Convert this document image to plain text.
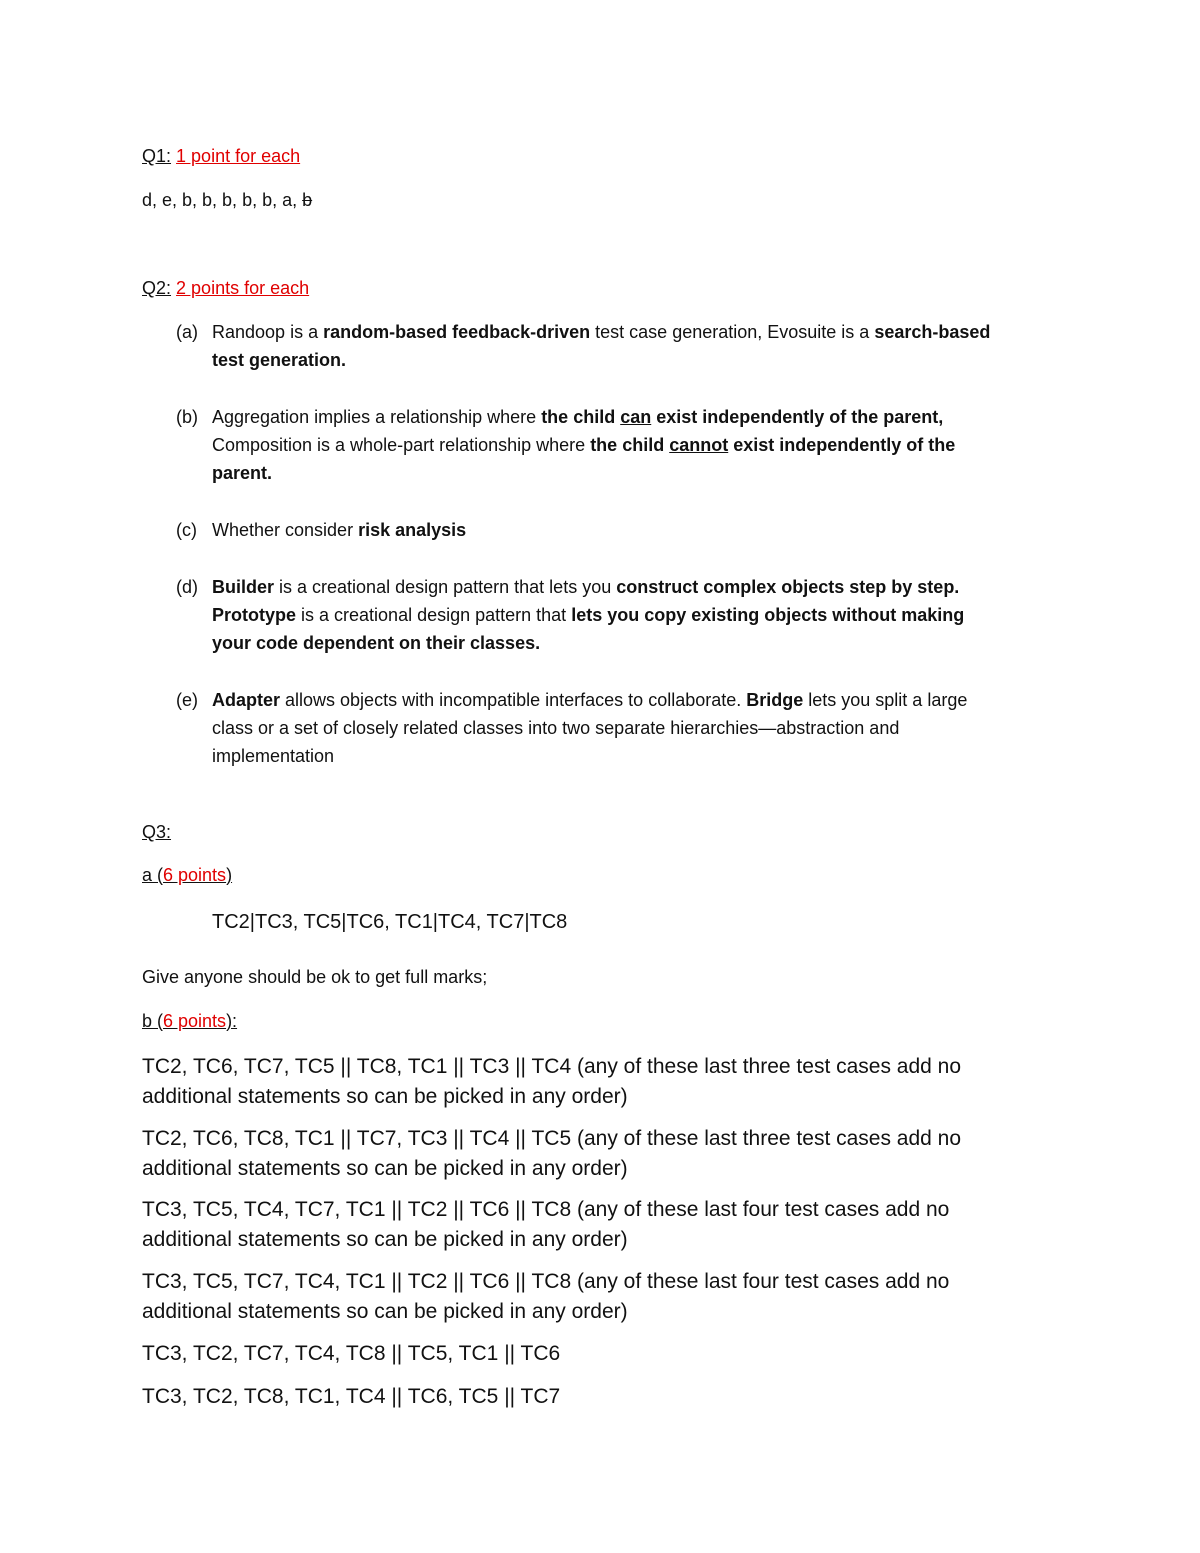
Q1: 1 point for each
d, e, b, b, b, b, b, a, b
Q2: 2 points for each
(a) Randoop is a random-based feedback-driven test case generation, Evosuite is a search-based
test generation.
(b) Aggregation implies a relationship where the child can exist independently of the parent,
Composition is a whole-part relationship where the child cannot exist independently of the
parent.
(c) Whether consider risk analysis
(d) Builder is a creational design pattern that lets you construct complex objects step by step.
Prototype is a creational design pattern that lets you copy existing objects without making
your code dependent on their classes.
(e) Adapter allows objects with incompatible interfaces to collaborate. Bridge lets you split a large
class or a set of closely related classes into two separate hierarchies—abstraction and
implementation
Q3:
a (6 points)
TC2|TC3, TC5|TC6, TC1|TC4, TC7|TC8
Give anyone should be ok to get full marks;
b (6 points):
TC2, TC6, TC7, TC5 || TC8, TC1 || TC3 || TC4 (any of these last three test cases add no
additional statements so can be picked in any order)
TC2, TC6, TC8, TC1 || TC7, TC3 || TC4 || TC5 (any of these last three test cases add no
additional statements so can be picked in any order)
TC3, TC5, TC4, TC7, TC1 || TC2 || TC6 || TC8 (any of these last four test cases add no
additional statements so can be picked in any order)
TC3, TC5, TC7, TC4, TC1 || TC2 || TC6 || TC8 (any of these last four test cases add no
additional statements so can be picked in any order)
TC3, TC2, TC7, TC4, TC8 || TC5, TC1 || TC6
TC3, TC2, TC8, TC1, TC4 || TC6, TC5 || TC7
